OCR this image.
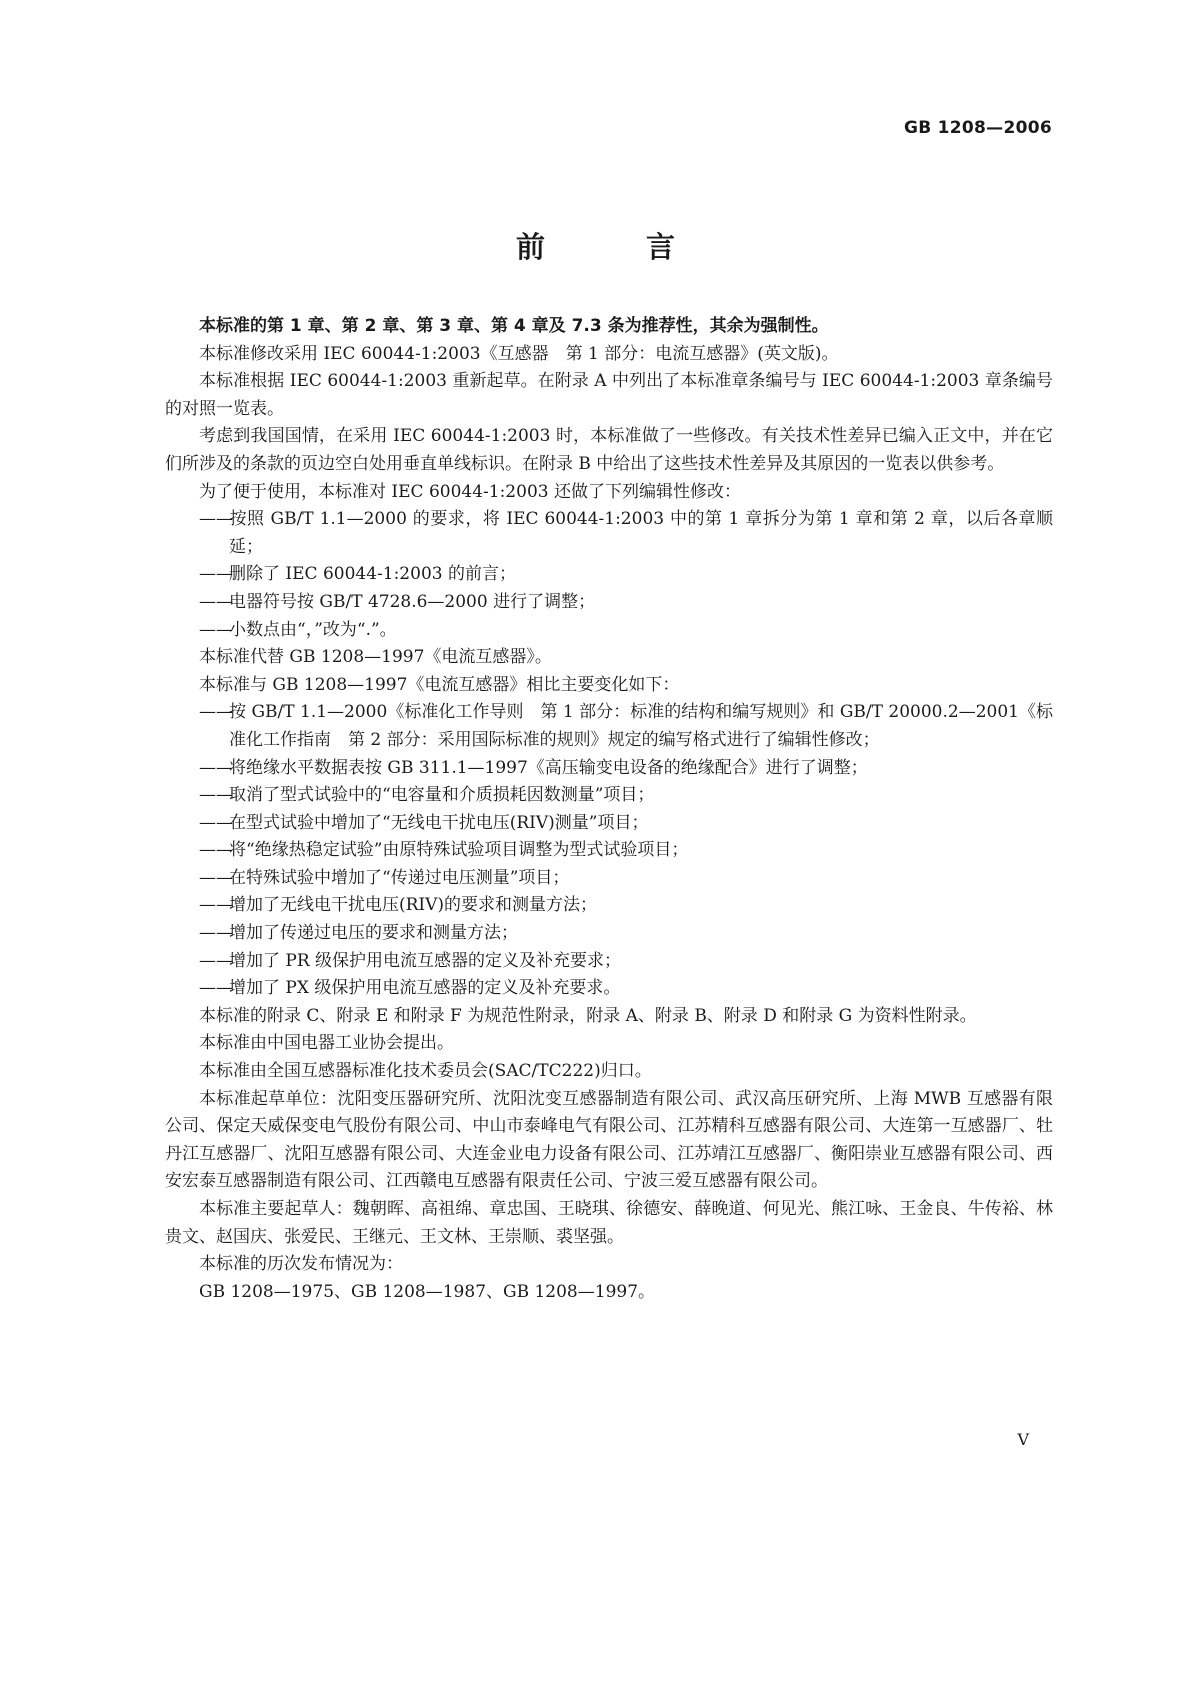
GB 1208—2006
前　言

本标准的第 1 章、第 2 章、第 3 章、第 4 章及 7.3 条为推荐性，其余为强制性。

本标准修改采用 IEC 60044-1:2003《互感器　第 1 部分：电流互感器》(英文版)。

本标准根据 IEC 60044-1:2003 重新起草。在附录 A 中列出了本标准章条编号与 IEC 60044-1:2003 章条编号的对照一览表。

考虑到我国国情，在采用 IEC 60044-1:2003 时，本标准做了一些修改。有关技术性差异已编入正文中，并在它们所涉及的条款的页边空白处用垂直单线标识。在附录 B 中给出了这些技术性差异及其原因的一览表以供参考。

为了便于使用，本标准对 IEC 60044-1:2003 还做了下列编辑性修改：

——按照 GB/T 1.1—2000 的要求，将 IEC 60044-1:2003 中的第 1 章拆分为第 1 章和第 2 章，以后各章顺延；

——删除了 IEC 60044-1:2003 的前言；

——电器符号按 GB/T 4728.6—2000 进行了调整；

——小数点由“，”改为“.”。

本标准代替 GB 1208—1997《电流互感器》。

本标准与 GB 1208—1997《电流互感器》相比主要变化如下：

——按 GB/T 1.1—2000《标准化工作导则　第 1 部分：标准的结构和编写规则》和 GB/T 20000.2—2001《标准化工作指南　第 2 部分：采用国际标准的规则》规定的编写格式进行了编辑性修改；

——将绝缘水平数据表按 GB 311.1—1997《高压输变电设备的绝缘配合》进行了调整；

——取消了型式试验中的“电容量和介质损耗因数测量”项目；

——在型式试验中增加了“无线电干扰电压(RIV)测量”项目；

——将“绝缘热稳定试验”由原特殊试验项目调整为型式试验项目；

——在特殊试验中增加了“传递过电压测量”项目；

——增加了无线电干扰电压(RIV)的要求和测量方法；

——增加了传递过电压的要求和测量方法；

——增加了 PR 级保护用电流互感器的定义及补充要求；

——增加了 PX 级保护用电流互感器的定义及补充要求。

本标准的附录 C、附录 E 和附录 F 为规范性附录，附录 A、附录 B、附录 D 和附录 G 为资料性附录。

本标准由中国电器工业协会提出。

本标准由全国互感器标准化技术委员会(SAC/TC222)归口。

本标准起草单位：沈阳变压器研究所、沈阳沈变互感器制造有限公司、武汉高压研究所、上海 MWB 互感器有限公司、保定天威保变电气股份有限公司、中山市泰峰电气有限公司、江苏精科互感器有限公司、大连第一互感器厂、牡丹江互感器厂、沈阳互感器有限公司、大连金业电力设备有限公司、江苏靖江互感器厂、衡阳崇业互感器有限公司、西安宏泰互感器制造有限公司、江西赣电互感器有限责任公司、宁波三爱互感器有限公司。

本标准主要起草人：魏朝晖、高祖绵、章忠国、王晓琪、徐德安、薛晚道、何见光、熊江咏、王金良、牛传裕、林贵文、赵国庆、张爱民、王继元、王文林、王崇顺、裘坚强。

本标准的历次发布情况为：

GB 1208—1975、GB 1208—1987、GB 1208—1997。

V
